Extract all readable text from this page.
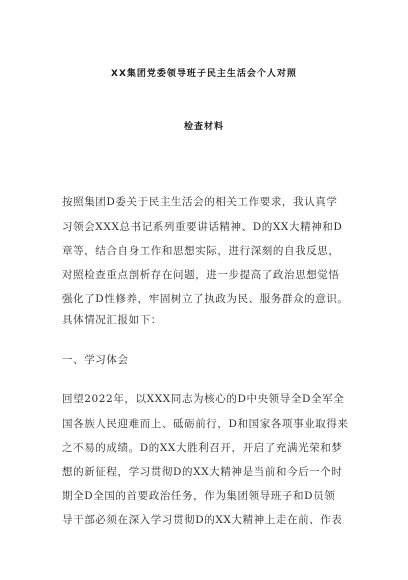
XX集团党委领导班子民主生活会个人对照
检查材料
按照集团D委关于民主生活会的相关工作要求，我认真学
习领会XXX总书记系列重要讲话精神、D的XX大精神和D
章等，结合自身工作和思想实际，进行深刻的自我反思，
对照检查重点剖析存在问题，进一步提高了政治思想觉悟
强化了D性修养，牢固树立了执政为民、服务群众的意识。
具体情况汇报如下：
一、学习体会
回望2022年，以XXX同志为核心的D中央领导全D全军全
国各族人民迎难而上、砥砺前行，D和国家各项事业取得来
之不易的成绩。D的XX大胜利召开，开启了充满光荣和梦
想的新征程，学习贯彻D的XX大精神是当前和今后一个时
期全D全国的首要政治任务，作为集团领导班子和D员领
导干部必须在深入学习贯彻D的XX大精神上走在前、作表
